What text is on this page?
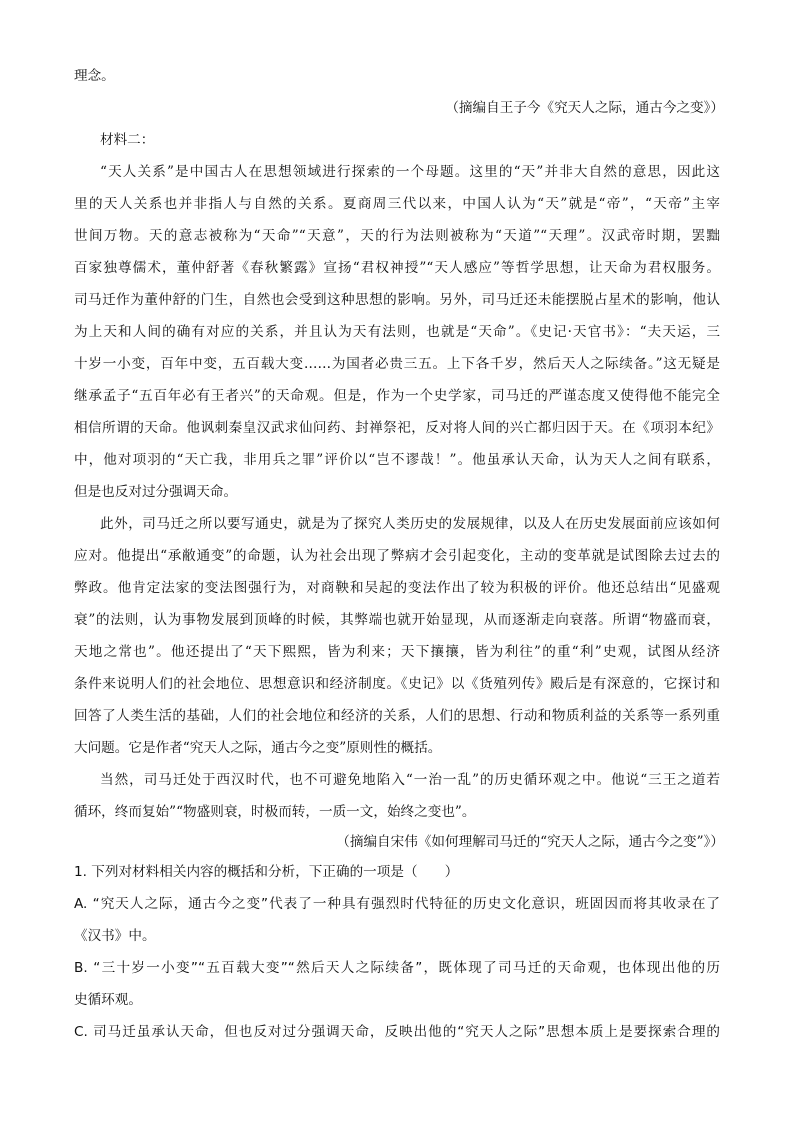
理念。
（摘编自王子今《究天人之际，通古今之变》）
材料二：
“天人关系”是中国古人在思想领域进行探索的一个母题。这里的“天”并非大自然的意思，因此这
里的天人关系也并非指人与自然的关系。夏商周三代以来，中国人认为“天”就是“帝”，“天帝”主宰
世间万物。天的意志被称为“天命”“天意”，天的行为法则被称为“天道”“天理”。汉武帝时期，罢黜
百家独尊儒术，董仲舒著《春秋繁露》宣扬“君权神授”“天人感应”等哲学思想，让天命为君权服务。
司马迁作为董仲舒的门生，自然也会受到这种思想的影响。另外，司马迁还未能摆脱占星术的影响，他认
为上天和人间的确有对应的关系，并且认为天有法则，也就是“天命”。《史记·天官书》：“夫天运，三
十岁一小变，百年中变，五百载大变……为国者必贵三五。上下各千岁，然后天人之际续备。”这无疑是
继承孟子“五百年必有王者兴”的天命观。但是，作为一个史学家，司马迁的严谨态度又使得他不能完全
相信所谓的天命。他讽刺秦皇汉武求仙问药、封禅祭祀，反对将人间的兴亡都归因于天。在《项羽本纪》
中，他对项羽的“天亡我，非用兵之罪”评价以“岂不谬哉！”。他虽承认天命，认为天人之间有联系，
但是也反对过分强调天命。
此外，司马迁之所以要写通史，就是为了探究人类历史的发展规律，以及人在历史发展面前应该如何
应对。他提出“承敝通变”的命题，认为社会出现了弊病才会引起变化，主动的变革就是试图除去过去的
弊政。他肯定法家的变法图强行为，对商鞅和吴起的变法作出了较为积极的评价。他还总结出“见盛观
衰”的法则，认为事物发展到顶峰的时候，其弊端也就开始显现，从而逐渐走向衰落。所谓“物盛而衰，
天地之常也”。他还提出了“天下熙熙，皆为利来；天下攘攘，皆为利往”的重“利”史观，试图从经济
条件来说明人们的社会地位、思想意识和经济制度。《史记》以《货殖列传》殿后是有深意的，它探讨和
回答了人类生活的基础，人们的社会地位和经济的关系，人们的思想、行动和物质利益的关系等一系列重
大问题。它是作者“究天人之际，通古今之变”原则性的概括。
当然，司马迁处于西汉时代，也不可避免地陷入“一治一乱”的历史循环观之中。他说“三王之道若
循环，终而复始”“物盛则衰，时极而转，一质一文，始终之变也”。
（摘编自宋伟《如何理解司马迁的“究天人之际，通古今之变”》）
1. 下列对材料相关内容的概括和分析，下正确的一项是（　　）
A. “究天人之际，通古今之变”代表了一种具有强烈时代特征的历史文化意识，班固因而将其收录在了
《汉书》中。
B. “三十岁一小变”“五百载大变”“然后天人之际续备”，既体现了司马迁的天命观，也体现出他的历
史循环观。
C. 司马迁虽承认天命，但也反对过分强调天命，反映出他的“究天人之际”思想本质上是要探索合理的
